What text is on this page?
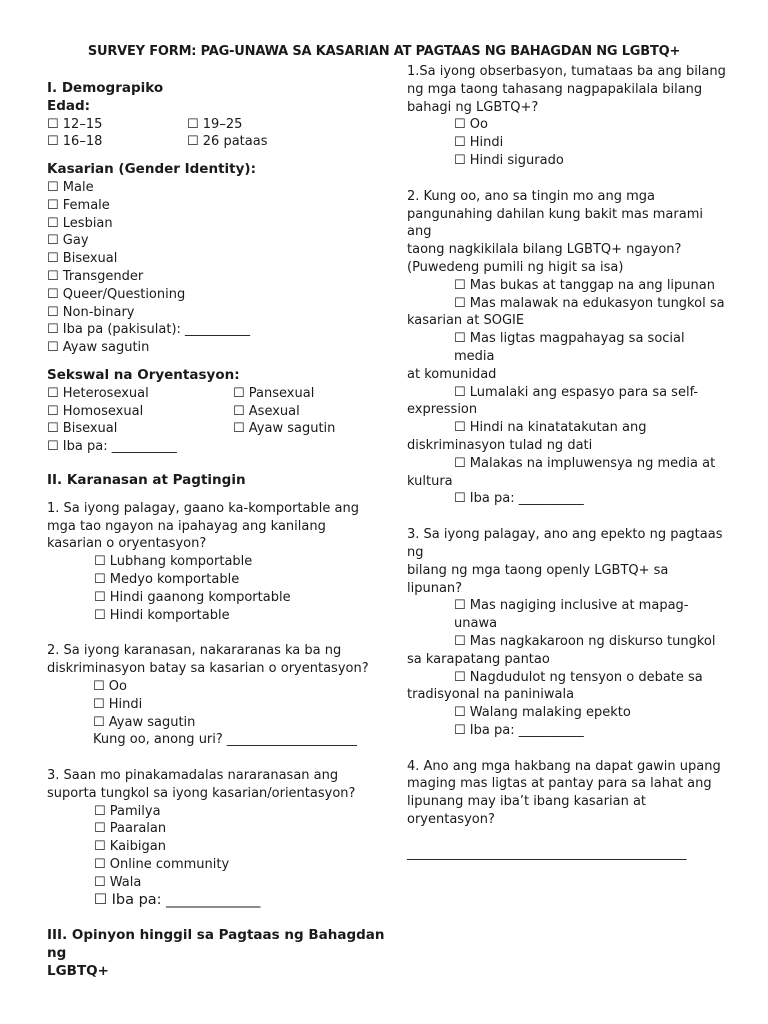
SURVEY FORM: PAG-UNAWA SA KASARIAN AT PAGTAAS NG BAHAGDAN NG LGBTQ+
I. Demograpiko
Edad:
☐ 12–15	☐ 19–25
☐ 16–18	☐ 26 pataas
Kasarian (Gender Identity):
☐ Male
☐ Female
☐ Lesbian
☐ Gay
☐ Bisexual
☐ Transgender
☐ Queer/Questioning
☐ Non-binary
☐ Iba pa (pakisulat): __________
☐ Ayaw sagutin
Sekswal na Oryentasyon:
☐ Heterosexual	☐ Pansexual
☐ Homosexual	☐ Asexual
☐ Bisexual	☐ Ayaw sagutin
☐ Iba pa: __________
II. Karanasan at Pagtingin
1. Sa iyong palagay, gaano ka-komportable ang
mga tao ngayon na ipahayag ang kanilang
kasarian o oryentasyon?
☐ Lubhang komportable
☐ Medyo komportable
☐ Hindi gaanong komportable
☐ Hindi komportable
2. Sa iyong karanasan, nakararanas ka ba ng
diskriminasyon batay sa kasarian o oryentasyon?
☐ Oo
☐ Hindi
☐ Ayaw sagutin
Kung oo, anong uri? ____________________
3. Saan mo pinakamadalas nararanasan ang
suporta tungkol sa iyong kasarian/orientasyon?
☐ Pamilya
☐ Paaralan
☐ Kaibigan
☐ Online community
☐ Wala
☐ Iba pa: _____________
III. Opinyon hinggil sa Pagtaas ng Bahagdan ng
LGBTQ+
1.Sa iyong obserbasyon, tumataas ba ang bilang
ng mga taong tahasang nagpapakilala bilang
bahagi ng LGBTQ+?
☐ Oo
☐ Hindi
☐ Hindi sigurado
2. Kung oo, ano sa tingin mo ang mga
pangunahing dahilan kung bakit mas marami ang
taong nagkikilala bilang LGBTQ+ ngayon?
(Puwedeng pumili ng higit sa isa)
☐ Mas bukas at tanggap na ang lipunan
☐ Mas malawak na edukasyon tungkol sa
kasarian at SOGIE
☐ Mas ligtas magpahayag sa social media
at komunidad
☐ Lumalaki ang espasyo para sa self-
expression
☐ Hindi na kinatatakutan ang
diskriminasyon tulad ng dati
☐ Malakas na impluwensya ng media at
kultura
☐ Iba pa: __________
3. Sa iyong palagay, ano ang epekto ng pagtaas ng
bilang ng mga taong openly LGBTQ+ sa lipunan?
☐ Mas nagiging inclusive at mapag-unawa
☐ Mas nagkakaroon ng diskurso tungkol
sa karapatang pantao
☐ Nagdudulot ng tensyon o debate sa
tradisyonal na paniniwala
☐ Walang malaking epekto
☐ Iba pa: __________
4. Ano ang mga hakbang na dapat gawin upang
maging mas ligtas at pantay para sa lahat ang
lipunang may iba’t ibang kasarian at oryentasyon?
___________________________________________
